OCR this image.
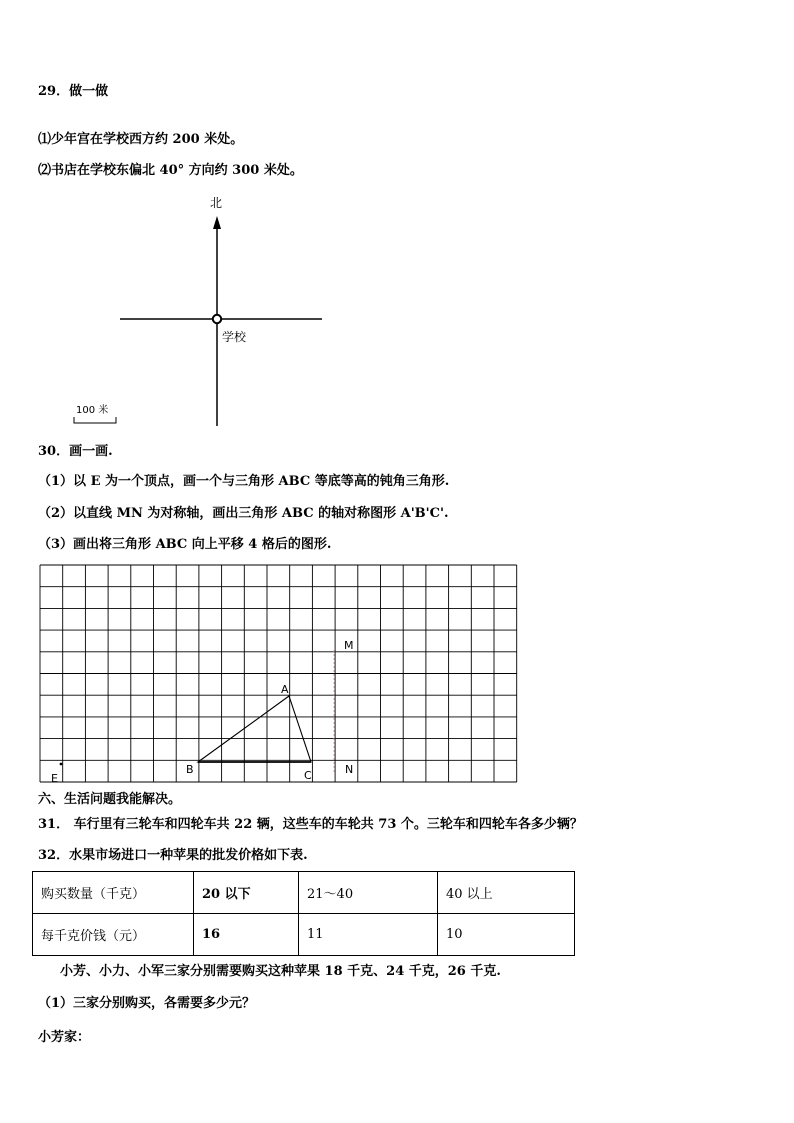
29．做一做
⑴少年宫在学校西方约 200 米处。
⑵书店在学校东偏北 40° 方向约 300 米处。
北
学校
100 米
30．画一画.
（1）以 E 为一个顶点，画一个与三角形 ABC 等底等高的钝角三角形.
（2）以直线 MN 为对称轴，画出三角形 ABC 的轴对称图形 A'B'C'.
（3）画出将三角形 ABC 向上平移 4 格后的图形.
A
B	C
M
N
E
六、生活问题我能解决。
31． 车行里有三轮车和四轮车共 22 辆，这些车的车轮共 73 个。三轮车和四轮车各多少辆？
32．水果市场进口一种苹果的批发价格如下表.
购买数量（千克）	20 以下	21～40	40 以上
每千克价钱（元）	16	11	10
小芳、小力、小军三家分别需要购买这种苹果 18 千克、24 千克，26 千克.
（1）三家分别购买，各需要多少元？
小芳家：
